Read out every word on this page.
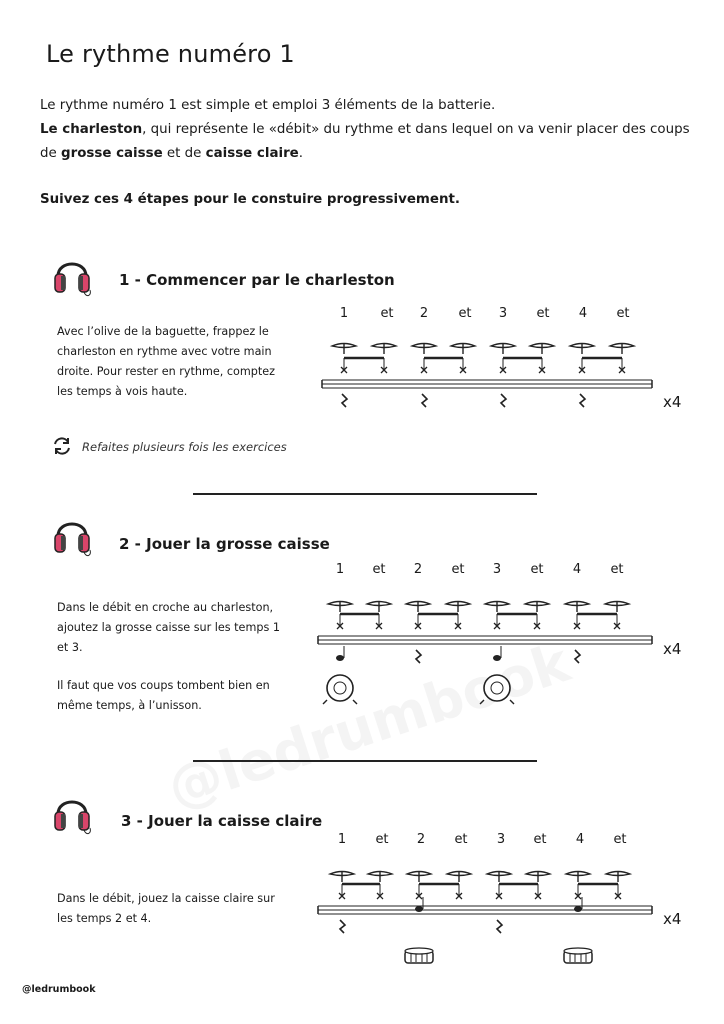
Le rythme numéro 1

Le rythme numéro 1 est simple et emploi 3 éléments de la batterie.
Le charleston, qui représente le «débit» du rythme et dans lequel on va venir placer des coups de grosse caisse et de caisse claire.

Suivez ces 4 étapes pour le constuire progressivement.

1 - Commencer par le charleston

Avec l’olive de la baguette, frappez le charleston en rythme avec votre main droite. Pour rester en rythme, comptez les temps à vois haute.

x4
Refaites plusieurs fois les exercices
2 - Jouer la grosse caisse

Dans le débit en croche au charleston, ajoutez la grosse caisse sur les temps 1 et 3.

Il faut que vos coups tombent bien en même temps, à l’unisson.

x4
3 - Jouer la caisse claire

Dans le débit, jouez la caisse claire sur les temps 2 et 4.	x4
@ledrumbook
1	et	2	et	3	et	4	et
1	et	2	et	3	et	4	et
1	et	2	et	3	et	4	et
